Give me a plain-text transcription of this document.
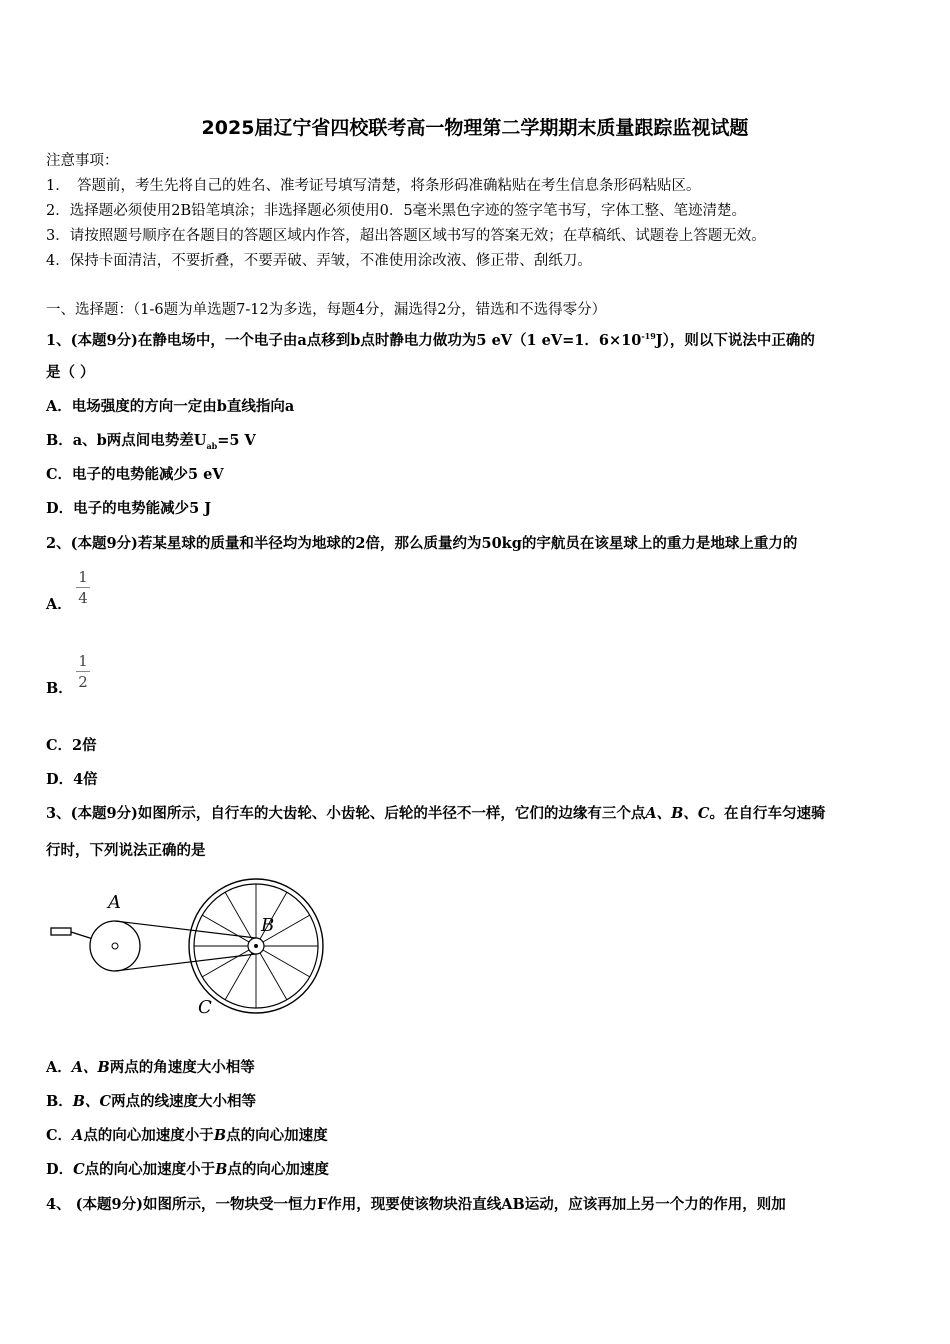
2025届辽宁省四校联考高一物理第二学期期末质量跟踪监视试题
注意事项：
1．　答题前，考生先将自己的姓名、准考证号填写清楚，将条形码准确粘贴在考生信息条形码粘贴区。
2．选择题必须使用2B铅笔填涂；非选择题必须使用0．5毫米黑色字迹的签字笔书写，字体工整、笔迹清楚。
3．请按照题号顺序在各题目的答题区域内作答，超出答题区域书写的答案无效；在草稿纸、试题卷上答题无效。
4．保持卡面清洁，不要折叠，不要弄破、弄皱，不准使用涂改液、修正带、刮纸刀。
一、选择题：（1-6题为单选题7-12为多选，每题4分，漏选得2分，错选和不选得零分）
1、(本题9分)在静电场中，一个电子由a点移到b点时静电力做功为5 eV（1 eV=1．$6\times 10^{-19}J$），则以下说法中正确的
是（ ）
A．电场强度的方向一定由b直线指向a
B．a、b两点间电势差$U_{ab}=5$ V
C．电子的电势能减少5 eV
D．电子的电势能减少5 J
2、(本题9分)若某星球的质量和半径均为地球的2倍，那么质量约为50kg的宇航员在该星球上的重力是地球上重力的
A．
1
4
B．
1
2
C．2倍
D．4倍
3、(本题9分)如图所示，自行车的大齿轮、小齿轮、后轮的半径不一样，它们的边缘有三个点A、B、C。在自行车匀速骑
行时，下列说法正确的是
A
B
C
A．A、B两点的角速度大小相等
B．B、C两点的线速度大小相等
C．A点的向心加速度小于B点的向心加速度
D．C点的向心加速度小于B点的向心加速度
4、 (本题9分)如图所示，一物块受一恒力F作用，现要使该物块沿直线AB运动，应该再加上另一个力的作用，则加
